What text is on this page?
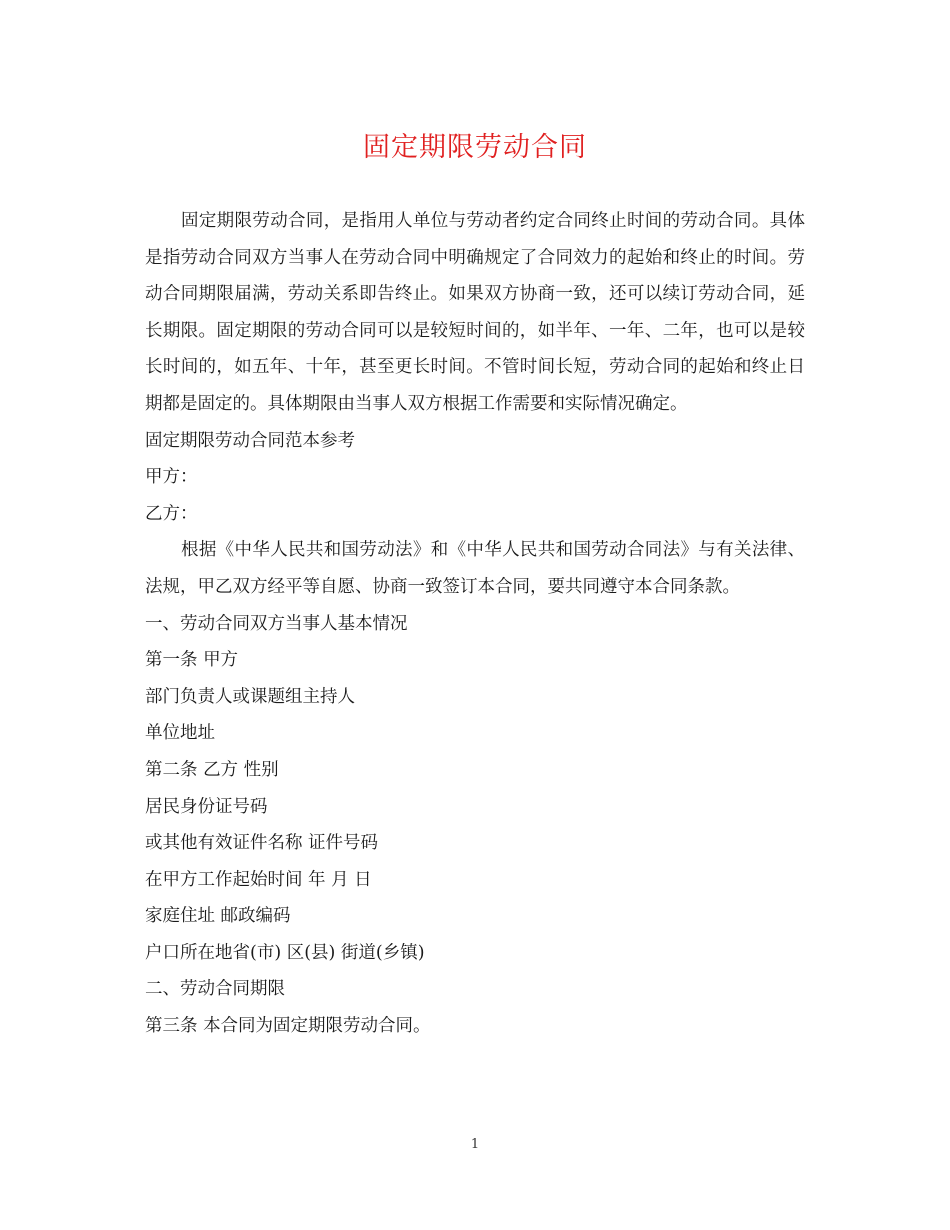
固定期限劳动合同

固定期限劳动合同，是指用人单位与劳动者约定合同终止时间的劳动合同。具体是指劳动合同双方当事人在劳动合同中明确规定了合同效力的起始和终止的时间。劳动合同期限届满，劳动关系即告终止。如果双方协商一致，还可以续订劳动合同，延长期限。固定期限的劳动合同可以是较短时间的，如半年、一年、二年，也可以是较长时间的，如五年、十年，甚至更长时间。不管时间长短，劳动合同的起始和终止日期都是固定的。具体期限由当事人双方根据工作需要和实际情况确定。

固定期限劳动合同范本参考

甲方：

乙方：

根据《中华人民共和国劳动法》和《中华人民共和国劳动合同法》与有关法律、法规，甲乙双方经平等自愿、协商一致签订本合同，要共同遵守本合同条款。

一、劳动合同双方当事人基本情况

第一条 甲方

部门负责人或课题组主持人

单位地址

第二条 乙方 性别

居民身份证号码

或其他有效证件名称 证件号码

在甲方工作起始时间 年 月 日

家庭住址 邮政编码

户口所在地省(市) 区(县) 街道(乡镇)

二、劳动合同期限

第三条 本合同为固定期限劳动合同。

1
